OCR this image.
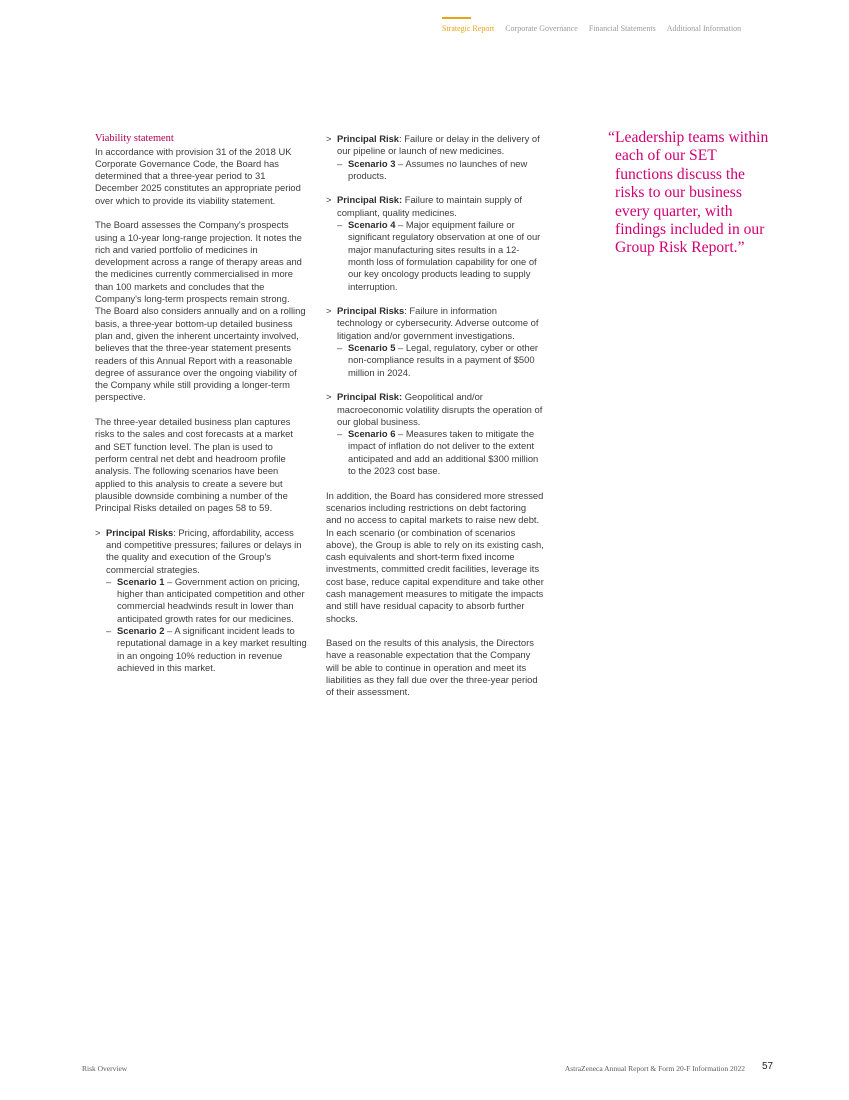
Strategic Report Corporate Governance Financial Statements Additional Information
Viability statement

In accordance with provision 31 of the 2018 UK Corporate Governance Code, the Board has determined that a three-year period to 31 December 2025 constitutes an appropriate period over which to provide its viability statement.

The Board assesses the Company's prospects using a 10-year long-range projection. It notes the rich and varied portfolio of medicines in development across a range of therapy areas and the medicines currently commercialised in more than 100 markets and concludes that the Company's long-term prospects remain strong. The Board also considers annually and on a rolling basis, a three-year bottom-up detailed business plan and, given the inherent uncertainty involved, believes that the three-year statement presents readers of this Annual Report with a reasonable degree of assurance over the ongoing viability of the Company while still providing a longer-term perspective.

The three-year detailed business plan captures risks to the sales and cost forecasts at a market and SET function level. The plan is used to perform central net debt and headroom profile analysis. The following scenarios have been applied to this analysis to create a severe but plausible downside combining a number of the Principal Risks detailed on pages 58 to 59.

> Principal Risks: Pricing, affordability, access and competitive pressures; failures or delays in the quality and execution of the Group's commercial strategies.
– Scenario 1 – Government action on pricing, higher than anticipated competition and other commercial headwinds result in lower than anticipated growth rates for our medicines.
– Scenario 2 – A significant incident leads to reputational damage in a key market resulting in an ongoing 10% reduction in revenue achieved in this market.
> Principal Risk: Failure or delay in the delivery of our pipeline or launch of new medicines.
– Scenario 3 – Assumes no launches of new products.
> Principal Risk: Failure to maintain supply of compliant, quality medicines.
– Scenario 4 – Major equipment failure or significant regulatory observation at one of our major manufacturing sites results in a 12-month loss of formulation capability for one of our key oncology products leading to supply interruption.
> Principal Risks: Failure in information technology or cybersecurity. Adverse outcome of litigation and/or government investigations.
– Scenario 5 – Legal, regulatory, cyber or other non-compliance results in a payment of $500 million in 2024.
> Principal Risk: Geopolitical and/or macroeconomic volatility disrupts the operation of our global business.
– Scenario 6 – Measures taken to mitigate the impact of inflation do not deliver to the extent anticipated and add an additional $300 million to the 2023 cost base.

In addition, the Board has considered more stressed scenarios including restrictions on debt factoring and no access to capital markets to raise new debt. In each scenario (or combination of scenarios above), the Group is able to rely on its existing cash, cash equivalents and short-term fixed income investments, committed credit facilities, leverage its cost base, reduce capital expenditure and take other cash management measures to mitigate the impacts and still have residual capacity to absorb further shocks.

Based on the results of this analysis, the Directors have a reasonable expectation that the Company will be able to continue in operation and meet its liabilities as they fall due over the three-year period of their assessment.

“ Leadership teams within each of our SET functions discuss the risks to our business every quarter, with findings included in our Group Risk Report.”
Risk Overview	AstraZeneca Annual Report & Form 20-F Information 2022 57
